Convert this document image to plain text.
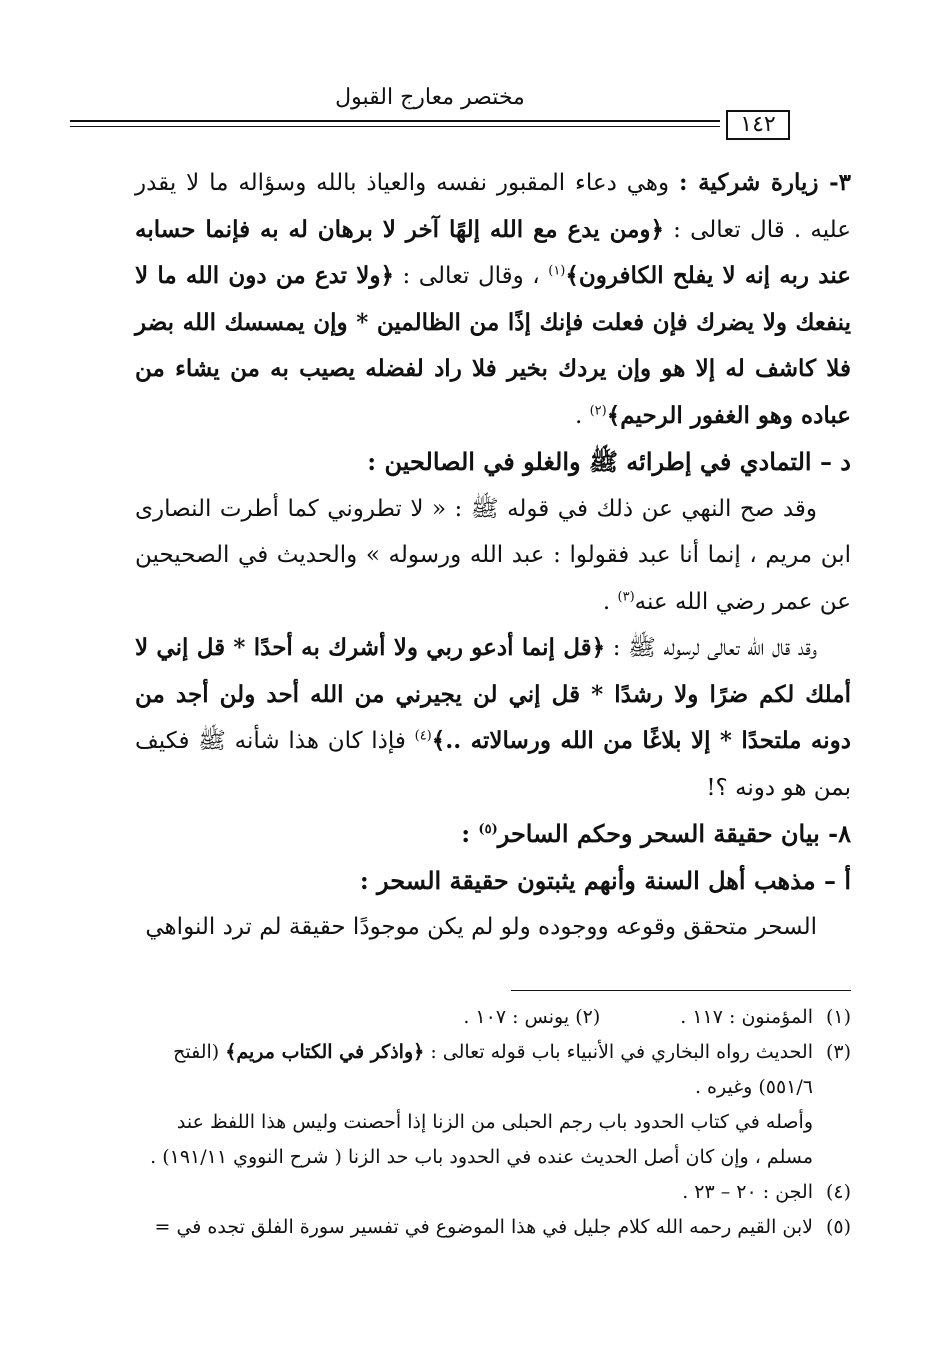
مختصر معارج القبول
١٤٢

٣- زيارة شركية : وهي دعاء المقبور نفسه والعياذ بالله وسؤاله ما لا يقدر عليه . قال تعالى : ﴿ومن يدع مع الله إلهًا آخر لا برهان له به فإنما حسابه عند ربه إنه لا يفلح الكافرون﴾$^{(١)}$ ، وقال تعالى : ﴿ولا تدع من دون الله ما لا ينفعك ولا يضرك فإن فعلت فإنك إذًا من الظالمين * وإن يمسسك الله بضر فلا كاشف له إلا هو وإن يردك بخير فلا راد لفضله يصيب به من يشاء من عباده وهو الغفور الرحيم﴾$^{(٢)}$ .

د – التمادي في إطرائه ﷺ والغلو في الصالحين :

وقد صح النهي عن ذلك في قوله ﷺ : « لا تطروني كما أطرت النصارى ابن مريم ، إنما أنا عبد فقولوا : عبد الله ورسوله » والحديث في الصحيحين عن عمر رضي الله عنه$^{(٣)}$ .

وقد قال الله تعالى لرسوله ﷺ : ﴿قل إنما أدعو ربي ولا أشرك به أحدًا * قل إني لا أملك لكم ضرًا ولا رشدًا * قل إني لن يجيرني من الله أحد ولن أجد من دونه ملتحدًا * إلا بلاغًا من الله ورسالاته ..﴾$^{(٤)}$ فإذا كان هذا شأنه ﷺ فكيف بمن هو دونه ؟!

٨- بيان حقيقة السحر وحكم الساحر$^{(٥)}$ :

أ – مذهب أهل السنة وأنهم يثبتون حقيقة السحر :

السحر متحقق وقوعه ووجوده ولو لم يكن موجودًا حقيقة لم ترد النواهي

(١)
المؤمنون : ١١٧ .(٢) يونس : ١٠٧ .
(٣)
الحديث رواه البخاري في الأنبياء باب قوله تعالى : ﴿واذكر في الكتاب مريم﴾ (الفتح ٥٥١/٦) وغيره .
وأصله في كتاب الحدود باب رجم الحبلى من الزنا إذا أحصنت وليس هذا اللفظ عند مسلم ، وإن كان أصل الحديث عنده في الحدود باب حد الزنا ( شرح النووي ١٩١/١١) .
(٤)
الجن : ٢٠ – ٢٣ .
(٥)
لابن القيم رحمه الله كلام جليل في هذا الموضوع في تفسير سورة الفلق تجده في =
